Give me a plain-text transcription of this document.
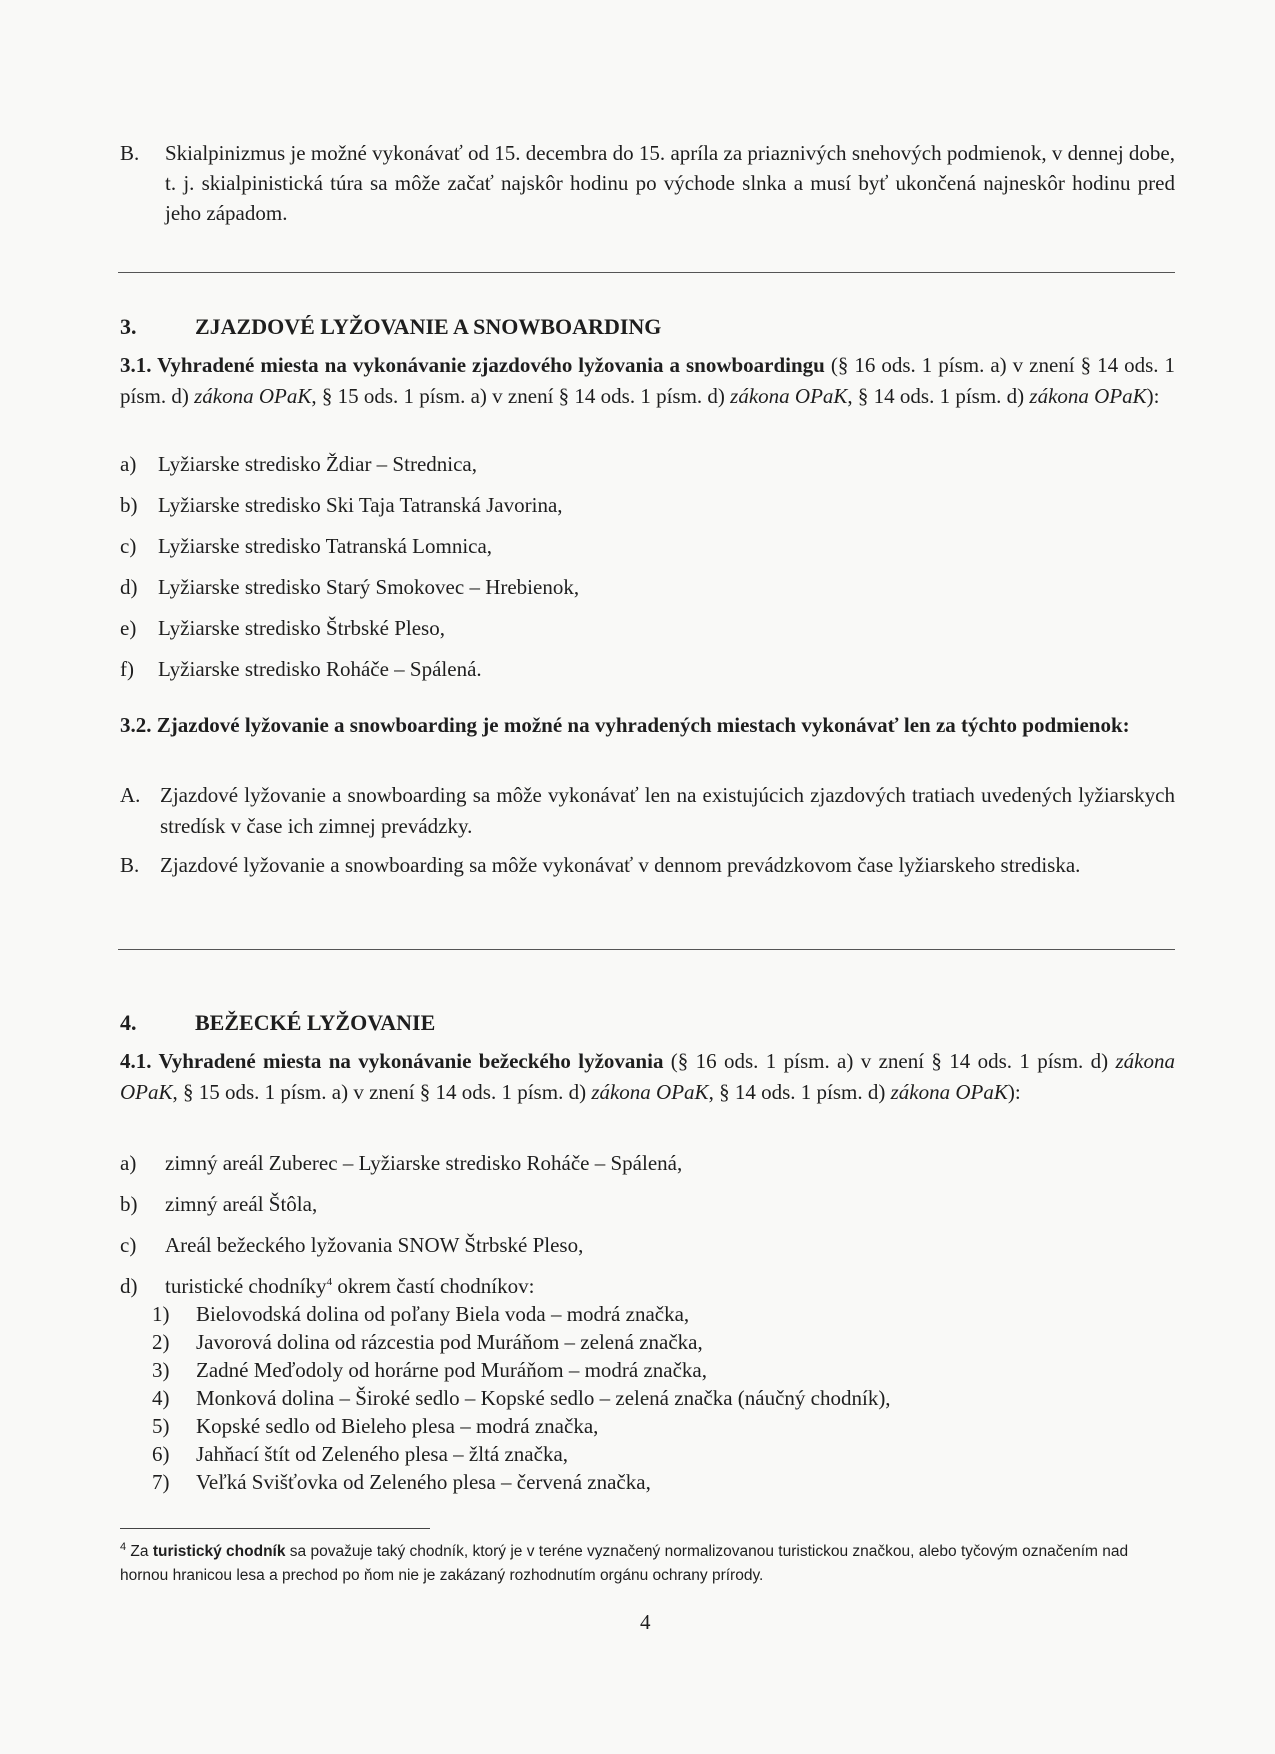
B. Skialpinizmus je možné vykonávať od 15. decembra do 15. apríla za priaznivých snehových podmienok, v dennej dobe, t. j. skialpinistická túra sa môže začať najskôr hodinu po východe slnka a musí byť ukončená najneskôr hodinu pred jeho západom.
3.	ZJAZDOVÉ LYŽOVANIE A SNOWBOARDING
3.1. Vyhradené miesta na vykonávanie zjazdového lyžovania a snowboardingu (§ 16 ods. 1 písm. a) v znení § 14 ods. 1 písm. d) zákona OPaK, § 15 ods. 1 písm. a) v znení § 14 ods. 1 písm. d) zákona OPaK, § 14 ods. 1 písm. d) zákona OPaK):
a) Lyžiarske stredisko Ždiar – Strednica,
b) Lyžiarske stredisko Ski Taja Tatranská Javorina,
c) Lyžiarske stredisko Tatranská Lomnica,
d) Lyžiarske stredisko Starý Smokovec – Hrebienok,
e) Lyžiarske stredisko Štrbské Pleso,
f) Lyžiarske stredisko Roháče – Spálená.
3.2. Zjazdové lyžovanie a snowboarding je možné na vyhradených miestach vykonávať len za týchto podmienok:
A. Zjazdové lyžovanie a snowboarding sa môže vykonávať len na existujúcich zjazdových tratiach uvedených lyžiarskych stredísk v čase ich zimnej prevádzky.
B. Zjazdové lyžovanie a snowboarding sa môže vykonávať v dennom prevádzkovom čase lyžiarskeho strediska.
4.	BEŽECKÉ LYŽOVANIE
4.1. Vyhradené miesta na vykonávanie bežeckého lyžovania (§ 16 ods. 1 písm. a) v znení § 14 ods. 1 písm. d) zákona OPaK, § 15 ods. 1 písm. a) v znení § 14 ods. 1 písm. d) zákona OPaK, § 14 ods. 1 písm. d) zákona OPaK):
a) zimný areál Zuberec – Lyžiarske stredisko Roháče – Spálená,
b) zimný areál Štôla,
c) Areál bežeckého lyžovania SNOW Štrbské Pleso,
d) turistické chodníky$^4$ okrem častí chodníkov:
1) Bielovodská dolina od poľany Biela voda – modrá značka,
2) Javorová dolina od rázcestia pod Muráňom – zelená značka,
3) Zadné Meďodoly od horárne pod Muráňom – modrá značka,
4) Monková dolina – Široké sedlo – Kopské sedlo – zelená značka (náučný chodník),
5) Kopské sedlo od Bieleho plesa – modrá značka,
6) Jahňací štít od Zeleného plesa – žltá značka,
7) Veľká Svišťovka od Zeleného plesa – červená značka,
$^4$ Za turistický chodník sa považuje taký chodník, ktorý je v teréne vyznačený normalizovanou turistickou značkou, alebo tyčovým označením nad hornou hranicou lesa a prechod po ňom nie je zakázaný rozhodnutím orgánu ochrany prírody.
4
